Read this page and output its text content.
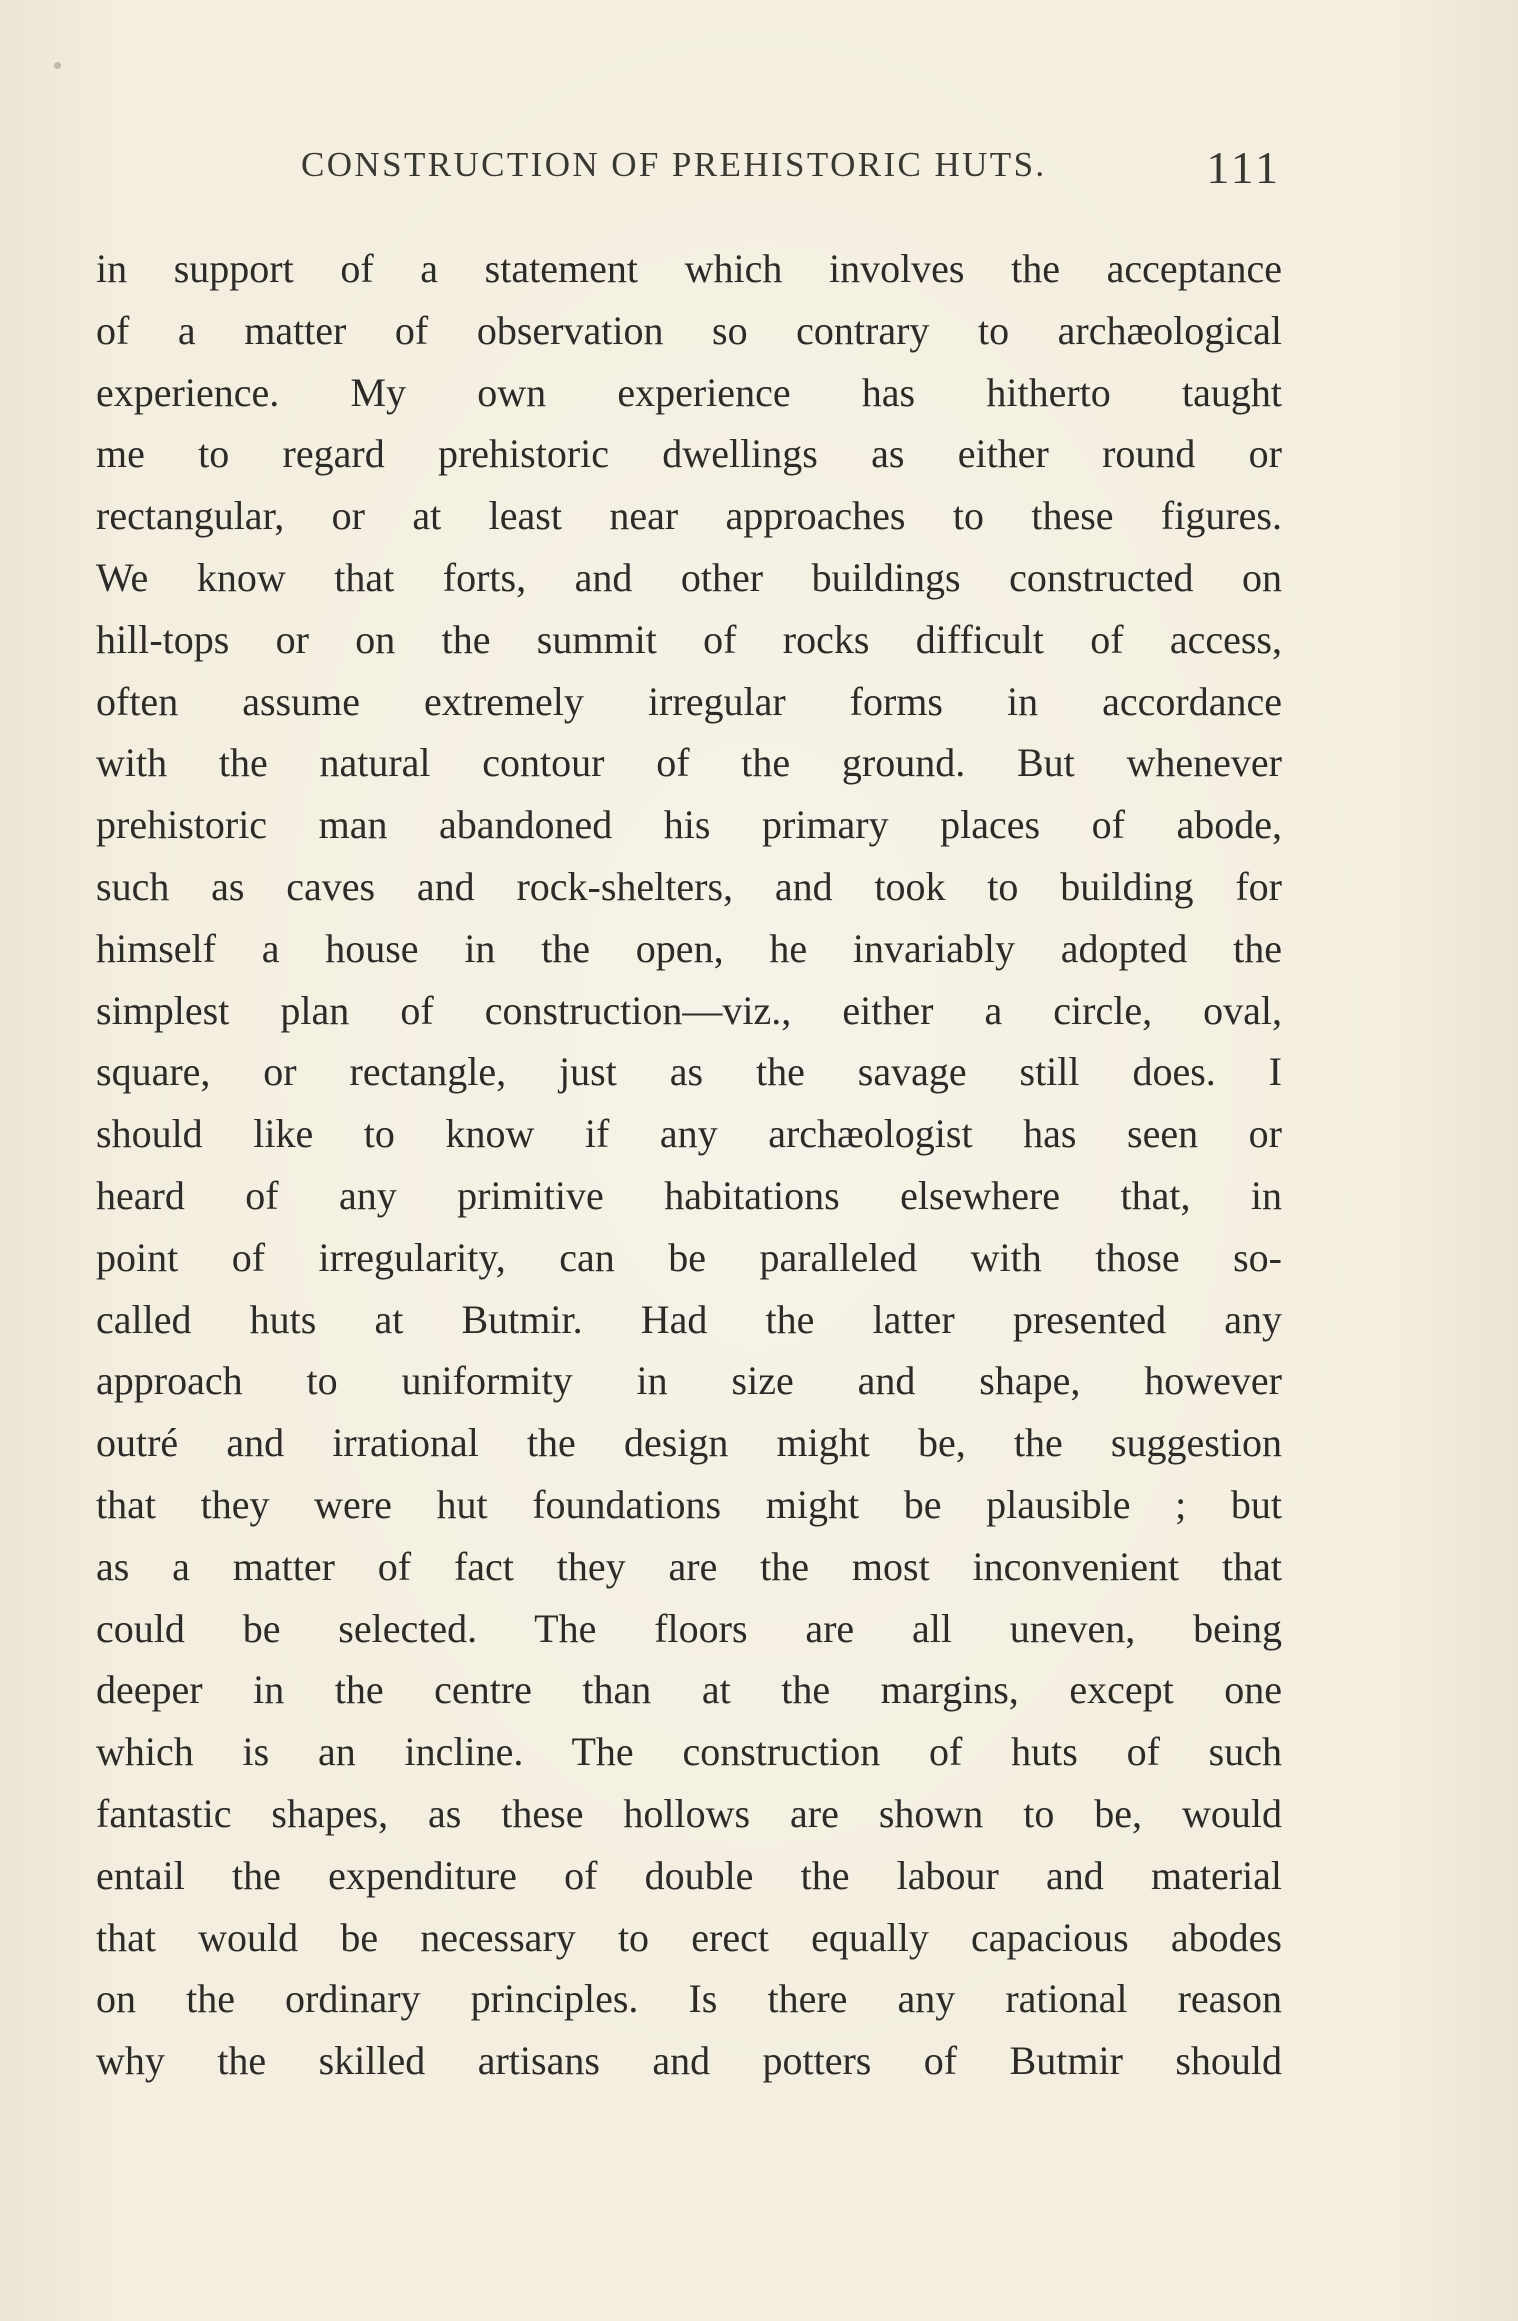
CONSTRUCTION OF PREHISTORIC HUTS.	111
in support of a statement which involves the acceptance
of a matter of observation so contrary to archæological
experience. My own experience has hitherto taught
me to regard prehistoric dwellings as either round or
rectangular, or at least near approaches to these figures.
We know that forts, and other buildings constructed on
hill-tops or on the summit of rocks difficult of access,
often assume extremely irregular forms in accordance
with the natural contour of the ground. But whenever
prehistoric man abandoned his primary places of abode,
such as caves and rock-shelters, and took to building for
himself a house in the open, he invariably adopted the
simplest plan of construction—viz., either a circle, oval,
square, or rectangle, just as the savage still does. I
should like to know if any archæologist has seen or
heard of any primitive habitations elsewhere that, in
point of irregularity, can be paralleled with those so-
called huts at Butmir. Had the latter presented any
approach to uniformity in size and shape, however
outré and irrational the design might be, the suggestion
that they were hut foundations might be plausible ; but
as a matter of fact they are the most inconvenient that
could be selected. The floors are all uneven, being
deeper in the centre than at the margins, except one
which is an incline. The construction of huts of such
fantastic shapes, as these hollows are shown to be, would
entail the expenditure of double the labour and material
that would be necessary to erect equally capacious abodes
on the ordinary principles. Is there any rational reason
why the skilled artisans and potters of Butmir should
